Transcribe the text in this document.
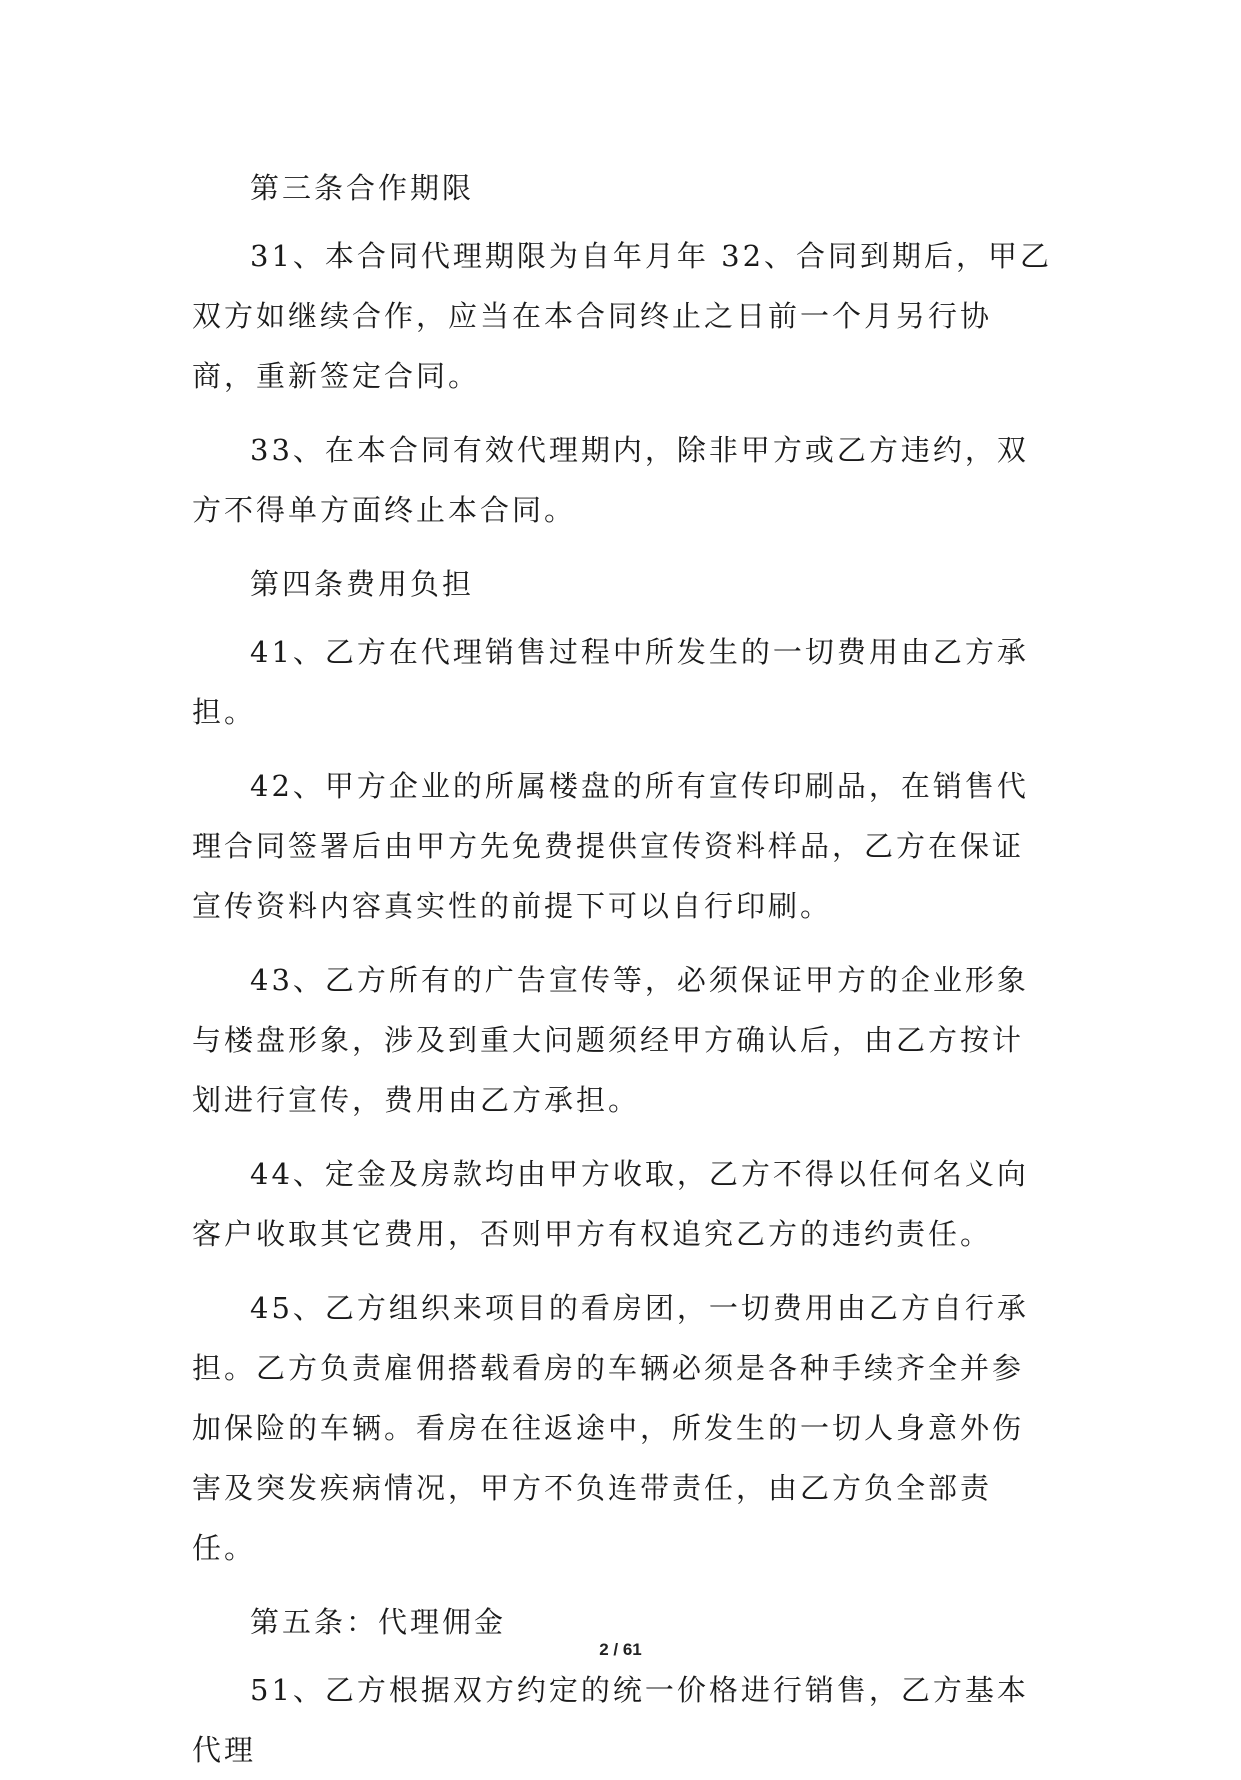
第三条合作期限

31、本合同代理期限为自年月年 32、合同到期后，甲乙双方如继续合作，应当在本合同终止之日前一个月另行协商，重新签定合同。

33、在本合同有效代理期内，除非甲方或乙方违约，双方不得单方面终止本合同。

第四条费用负担

41、乙方在代理销售过程中所发生的一切费用由乙方承担。

42、甲方企业的所属楼盘的所有宣传印刷品，在销售代理合同签署后由甲方先免费提供宣传资料样品，乙方在保证宣传资料内容真实性的前提下可以自行印刷。

43、乙方所有的广告宣传等，必须保证甲方的企业形象与楼盘形象，涉及到重大问题须经甲方确认后，由乙方按计划进行宣传，费用由乙方承担。

44、定金及房款均由甲方收取，乙方不得以任何名义向客户收取其它费用，否则甲方有权追究乙方的违约责任。

45、乙方组织来项目的看房团，一切费用由乙方自行承担。乙方负责雇佣搭载看房的车辆必须是各种手续齐全并参加保险的车辆。看房在往返途中，所发生的一切人身意外伤害及突发疾病情况，甲方不负连带责任，由乙方负全部责任。

第五条：代理佣金

51、乙方根据双方约定的统一价格进行销售，乙方基本代理

2 / 61
